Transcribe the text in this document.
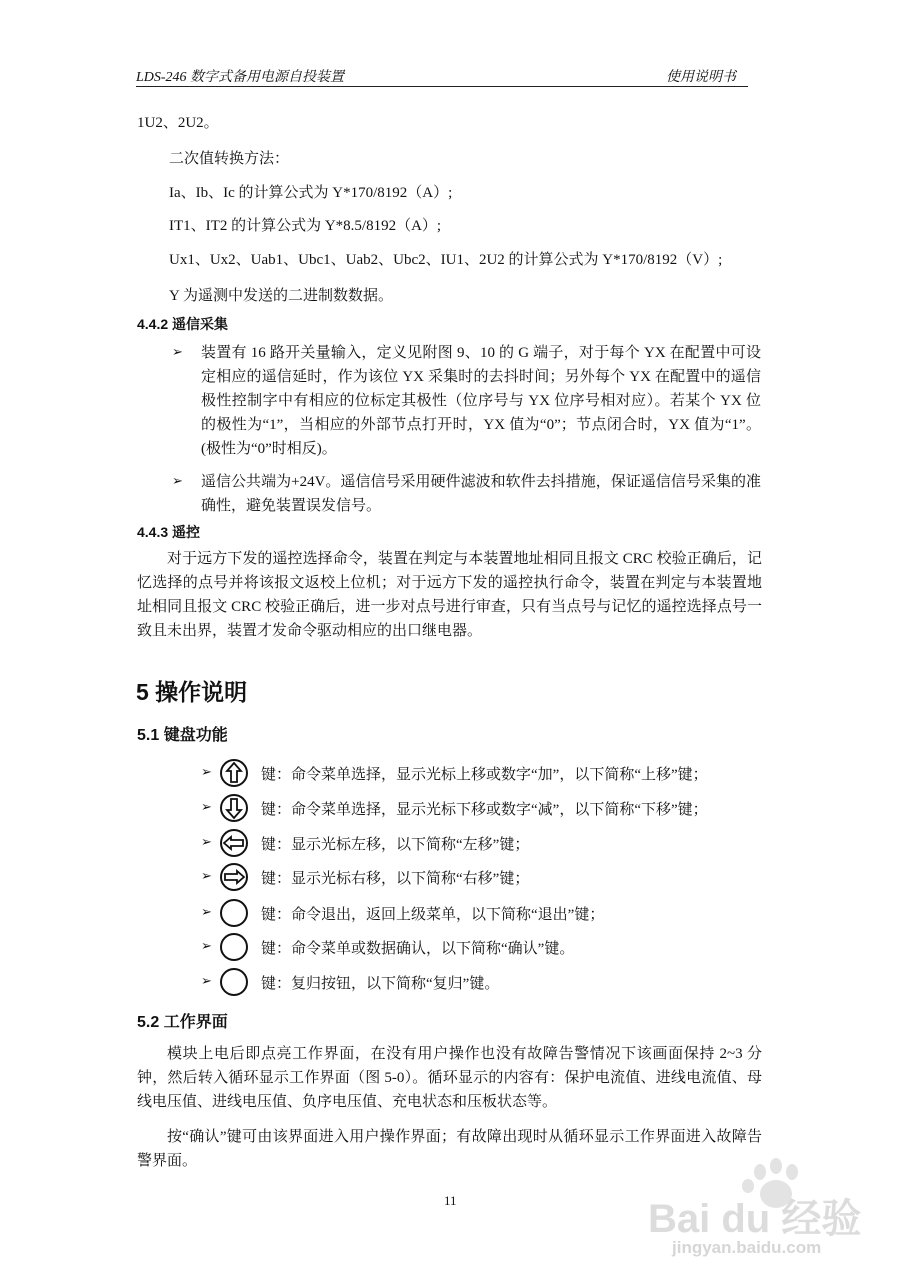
LDS-246 数字式备用电源自投装置	使用说明书
1U2、2U2。
二次值转换方法：
Ia、Ib、Ic 的计算公式为 Y*170/8192（A）;
IT1、IT2 的计算公式为 Y*8.5/8192（A）;
Ux1、Ux2、Uab1、Ubc1、Uab2、Ubc2、IU1、2U2 的计算公式为 Y*170/8192（V）;
Y 为遥测中发送的二进制数数据。
4.4.2 遥信采集
➢ 装置有 16 路开关量输入，定义见附图 9、10 的 G 端子，对于每个 YX 在配置中可设定相应的遥信延时，作为该位 YX 采集时的去抖时间；另外每个 YX 在配置中的遥信极性控制字中有相应的位标定其极性（位序号与 YX 位序号相对应）。若某个 YX 位的极性为“1”，当相应的外部节点打开时，YX 值为“0”；节点闭合时，YX 值为“1”。(极性为“0”时相反)。
➢ 遥信公共端为+24V。遥信信号采用硬件滤波和软件去抖措施，保证遥信信号采集的准确性，避免装置误发信号。
4.4.3 遥控
对于远方下发的遥控选择命令，装置在判定与本装置地址相同且报文 CRC 校验正确后，记忆选择的点号并将该报文返校上位机；对于远方下发的遥控执行命令，装置在判定与本装置地址相同且报文 CRC 校验正确后，进一步对点号进行审查，只有当点号与记忆的遥控选择点号一致且未出界，装置才发命令驱动相应的出口继电器。
5 操作说明
5.1 键盘功能
➢	键：命令菜单选择，显示光标上移或数字“加”，以下简称“上移”键；
➢	键：命令菜单选择，显示光标下移或数字“减”，以下简称“下移”键；
➢	键：显示光标左移，以下简称“左移”键；
➢	键：显示光标右移，以下简称“右移”键；
➢	键：命令退出，返回上级菜单，以下简称“退出”键；
➢	键：命令菜单或数据确认，以下简称“确认”键。
➢	键：复归按钮，以下简称“复归”键。
5.2 工作界面
模块上电后即点亮工作界面，在没有用户操作也没有故障告警情况下该画面保持 2~3 分钟，然后转入循环显示工作界面（图 5-0）。循环显示的内容有：保护电流值、进线电流值、母线电压值、进线电压值、负序电压值、充电状态和压板状态等。
按“确认”键可由该界面进入用户操作界面；有故障出现时从循环显示工作界面进入故障告警界面。
11	Bai du 经验
jingyan.baidu.com
